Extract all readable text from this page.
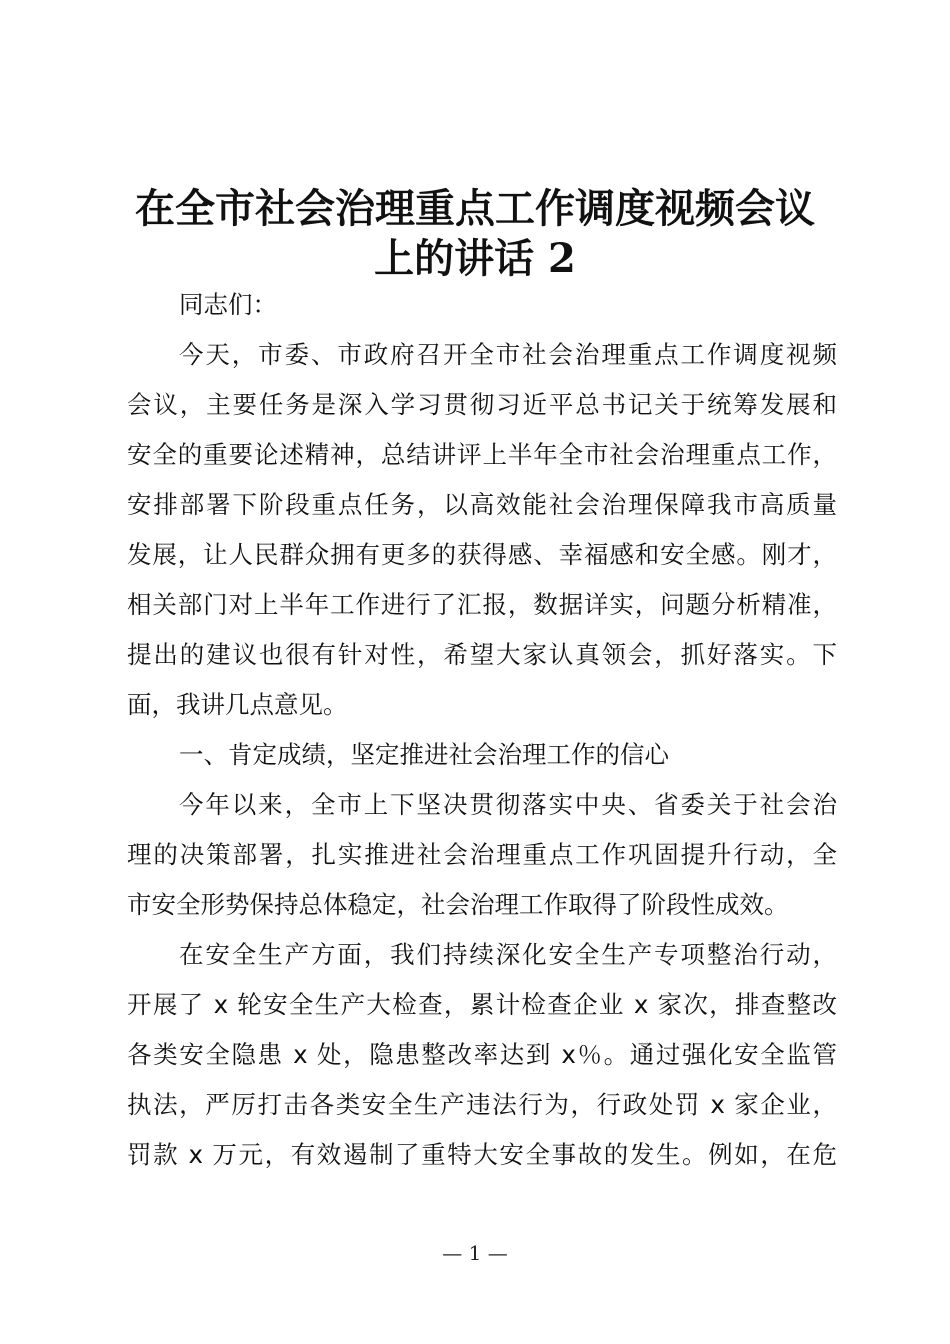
在全市社会治理重点工作调度视频会议
上的讲话 2
同志们：
今天，市委、市政府召开全市社会治理重点工作调度视频
会议，主要任务是深入学习贯彻习近平总书记关于统筹发展和
安全的重要论述精神，总结讲评上半年全市社会治理重点工作，
安排部署下阶段重点任务，以高效能社会治理保障我市高质量
发展，让人民群众拥有更多的获得感、幸福感和安全感。刚才，
相关部门对上半年工作进行了汇报，数据详实，问题分析精准，
提出的建议也很有针对性，希望大家认真领会，抓好落实。下
面，我讲几点意见。
一、肯定成绩，坚定推进社会治理工作的信心
今年以来，全市上下坚决贯彻落实中央、省委关于社会治
理的决策部署，扎实推进社会治理重点工作巩固提升行动，全
市安全形势保持总体稳定，社会治理工作取得了阶段性成效。
在安全生产方面，我们持续深化安全生产专项整治行动，
开展了 x 轮安全生产大检查，累计检查企业 x 家次，排查整改
各类安全隐患 x 处，隐患整改率达到 x％。通过强化安全监管
执法，严厉打击各类安全生产违法行为，行政处罚 x 家企业，
罚款 x 万元，有效遏制了重特大安全事故的发生。例如，在危
— 1 —
